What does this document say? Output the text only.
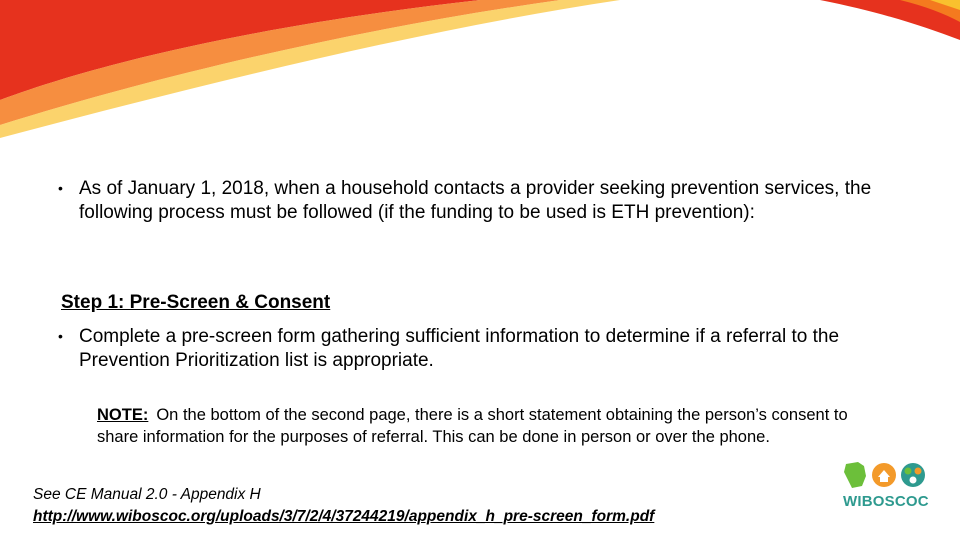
• As of January 1, 2018, when a household contacts a provider seeking prevention services, the following process must be followed (if the funding to be used is ETH prevention):
Step 1: Pre-Screen & Consent
• Complete a pre-screen form gathering sufficient information to determine if a referral to the Prevention Prioritization list is appropriate.
NOTE: On the bottom of the second page, there is a short statement obtaining the person’s consent to share information for the purposes of referral. This can be done in person or over the phone.
See CE Manual 2.0 - Appendix H
http://www.wiboscoc.org/uploads/3/7/2/4/37244219/appendix_h_pre-screen_form.pdf
WIBOSCOC
